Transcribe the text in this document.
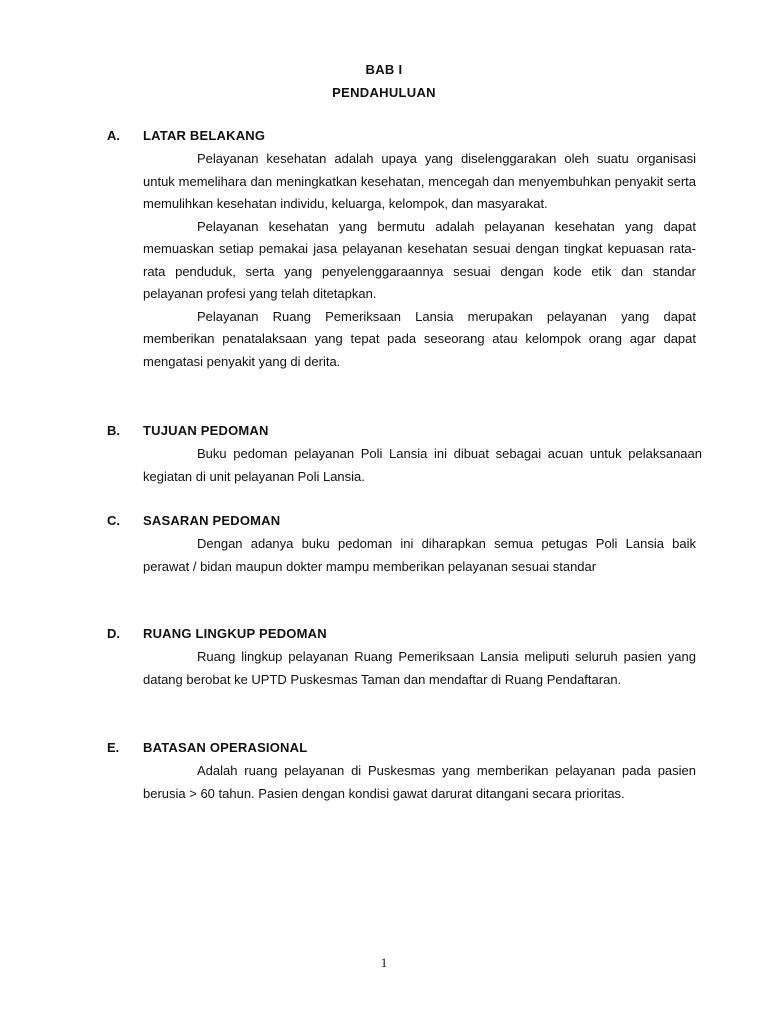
BAB I
PENDAHULUAN
A. LATAR BELAKANG

Pelayanan kesehatan adalah upaya yang diselenggarakan oleh suatu organisasi untuk memelihara dan meningkatkan kesehatan, mencegah dan menyembuhkan penyakit serta memulihkan kesehatan individu, keluarga, kelompok, dan masyarakat.

Pelayanan kesehatan yang bermutu adalah pelayanan kesehatan yang dapat memuaskan setiap pemakai jasa pelayanan kesehatan sesuai dengan tingkat kepuasan rata-rata penduduk, serta yang penyelenggaraannya sesuai dengan kode etik dan standar pelayanan profesi yang telah ditetapkan.

Pelayanan Ruang Pemeriksaan Lansia merupakan pelayanan yang dapat memberikan penatalaksaan yang tepat pada seseorang atau kelompok orang agar dapat mengatasi penyakit yang di derita.

B. TUJUAN PEDOMAN

Buku pedoman pelayanan Poli Lansia ini dibuat sebagai acuan untuk pelaksanaan kegiatan di unit pelayanan Poli Lansia.

C. SASARAN PEDOMAN

Dengan adanya buku pedoman ini diharapkan semua petugas Poli Lansia baik perawat / bidan maupun dokter mampu memberikan pelayanan sesuai standar

D. RUANG LINGKUP PEDOMAN

Ruang lingkup pelayanan Ruang Pemeriksaan Lansia meliputi seluruh pasien yang datang berobat ke UPTD Puskesmas Taman dan mendaftar di Ruang Pendaftaran.

E. BATASAN OPERASIONAL

Adalah ruang pelayanan di Puskesmas yang memberikan pelayanan pada pasien berusia > 60 tahun. Pasien dengan kondisi gawat darurat ditangani secara prioritas.

1
